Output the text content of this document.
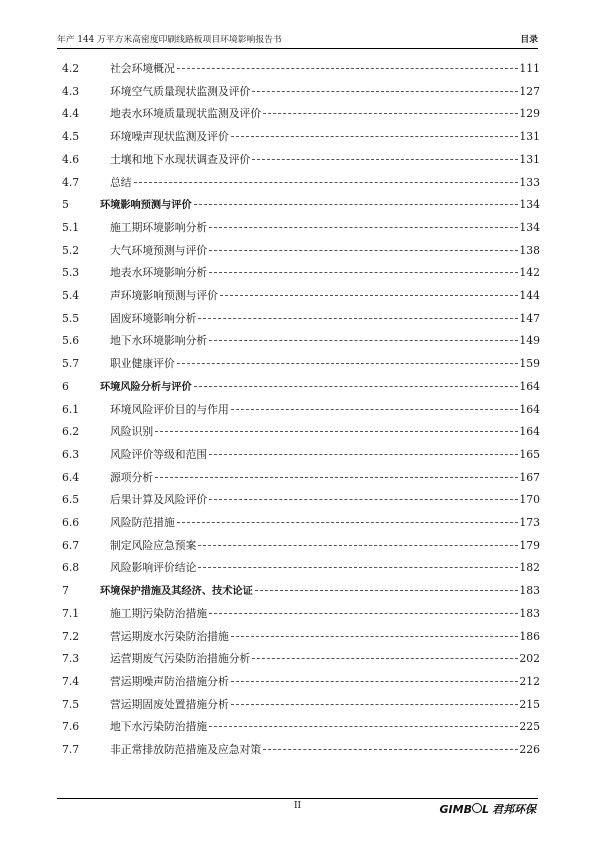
年产 144 万平方米高密度印刷线路板项目环境影响报告书	目录
4.2	社会环境概况	111
4.3	环境空气质量现状监测及评价	127
4.4	地表水环境质量现状监测及评价	129
4.5	环境噪声现状监测及评价	131
4.6	土壤和地下水现状调查及评价	131
4.7	总结	133
5	环境影响预测与评价	134
5.1	施工期环境影响分析	134
5.2	大气环境预测与评价	138
5.3	地表水环境影响分析	142
5.4	声环境影响预测与评价	144
5.5	固废环境影响分析	147
5.6	地下水环境影响分析	149
5.7	职业健康评价	159
6	环境风险分析与评价	164
6.1	环境风险评价目的与作用	164
6.2	风险识别	164
6.3	风险评价等级和范围	165
6.4	源项分析	167
6.5	后果计算及风险评价	170
6.6	风险防范措施	173
6.7	制定风险应急预案	179
6.8	风险影响评价结论	182
7	环境保护措施及其经济、技术论证	183
7.1	施工期污染防治措施	183
7.2	营运期废水污染防治措施	186
7.3	运营期废气污染防治措施分析	202
7.4	营运期噪声防治措施分析	212
7.5	营运期固废处置措施分析	215
7.6	地下水污染防治措施	225
7.7	非正常排放防范措施及应急对策	226
II	GIMB L 君邦环保
